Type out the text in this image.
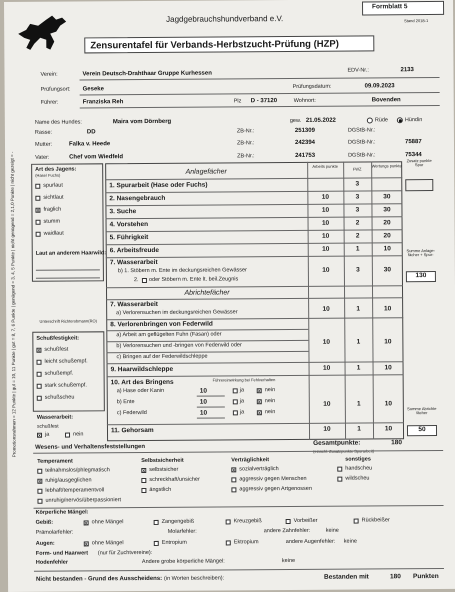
Jagdgebrauchshundverband e.V.
Formblatt 5
Stand 2018-1
Zensurentafel für Verbands-Herbstzucht-Prüfung (HZP)
Verein:	Verein Deutsch-Drahthaar Gruppe Kurhessen
EDV-Nr.:	2133
Prüfungsort: Geseke	Prüfungsdatum:	09.09.2023
Führer:	Franziska Reh	Plz D - 37120	Wohnort:	Bovenden
Name des Hundes:	Maira vom Dörnberg	gew. 21.05.2022	Rüde	Hündin
Rasse:	DD	ZB-Nr.:	251309	DGStB-Nr.:
Mutter:	Falka v. Heede	ZB-Nr.:	242394	DGStB-Nr.:	75887
Vater:	Chef vom Wiedfeld	ZB-Nr.:	241753	DGStB-Nr.:	75344
Promotionsrahmen = 12 Punkte | gut = 10, 11 Punkte | gut = 8, 7, 6 Punkte | genügend = 3, 4, 5 Punkte | nicht genügend = 2,1,0 Punkte | nicht gezeigt = -	Art des Jagens:
(Hase/ Fuchs)
spurlaut
sichtlaut
x fraglich
stumm
waidlaut
Laut an anderem Haarwild:
Unterschrift Richterobmann(RO)
Schußfestigkeit:
x schußfest
leicht schußempf.
schußempf.
stark schußempf.
schußscheu
Wasserarbeit:
schußfest
x ja	nein
Anlagefächer
Arbeits punkte
FWZ
Wertungs punkte
Zusatz punkte Spur
1. Spurarbeit (Hase oder Fuchs)	3
2. Nasengebrauch	10	3	30
3. Suche	10	3	30
4. Vorstehen	10	2	20
5. Führigkeit	10	2	20
6. Arbeitsfreude	10	1	10
7. Wasserarbeit
b) 1. Stöbern m. Ente im deckungsreichen Gewässer
2. oder Stöbern m. Ente lt. beil.Zeugnis
10	3	30
Summe Anlage- fächer + Spur-
130
Abrichtefächer
7. Wasserarbeit
a) Verlorensuchen im deckungsreichen Gewässer
10	1	10
8. Verlorenbringen von Federwild
a) Arbeit am geflügelten Fuhn (Fasan) oder
b) Verlorensuchen und -bringen von Federwild oder
c) Bringen auf der Federwildschleppe
10	1	10
9. Haarwildschleppe	10	1	10
10. Art des Bringens	Führereinwirkung bei Fehlverhalten
a) Hase oder Kanin	10	ja	x nein
b) Ente	10	ja	x nein
c) Federwild	10	ja	x nein
10	1	10
11. Gehorsam	10	1	10
Summe Abrichte fächer
50
Wesens- und Verhaltensfeststellungen
Gesamtpunkte:	180
(einschl. Zusatzpunkte Spurarbeit)
Temperament	Selbstsicherheit	Verträglichkeit	sonstiges
teilnahmslos/phlegmatisch
x ruhig/ausgeglichen
lebhaft/temperamentvoll
unruhig/nervös/überpassioniert
x selbstsicher
schreckhaft/unsicher
ängstlich
x sozialverträglich
aggressiv gegen Menschen
aggressiv gegen Artgenossen
handscheu
wildscheu
Körperliche Mängel:
Gebiß:	x ohne Mängel	Zangengebiß	Kreuzgebiß	Vorbeißer	Rückbeißer
Prämolarfehler:	Molarfehler:	andere Zahnfehler:	keine
Augen:	x ohne Mängel	Entropium	Ektropium	andere Augenfehler: keine
Form- und Haarwert (nur für Zuchtvereine):
Hodenfehler	Andere grobe körperliche Mängel:	keine
Nicht bestanden - Grund des Ausscheidens: (in Worten beschreiben):	Bestanden mit	180 Punkten
